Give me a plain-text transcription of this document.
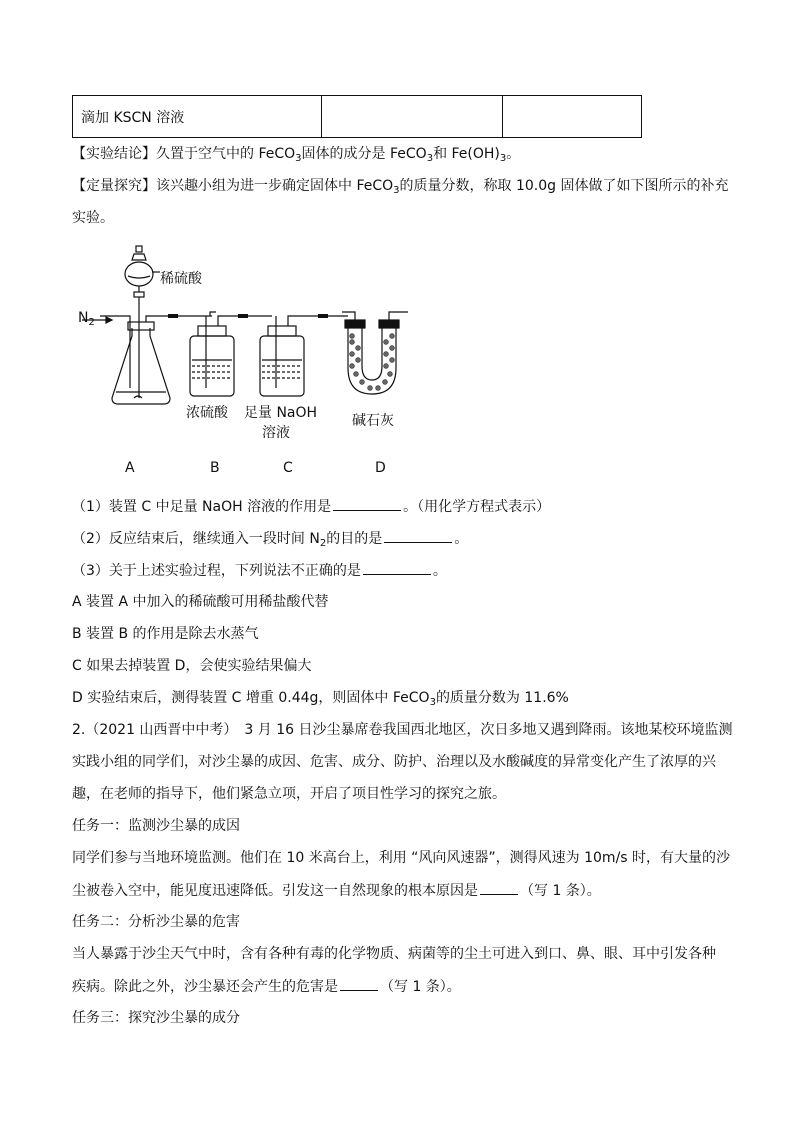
滴加 KSCN 溶液		
【实验结论】久置于空气中的 FeCO$_3$固体的成分是 FeCO$_3$和 $Fe(OH)_3$。
【定量探究】该兴趣小组为进一步确定固体中 FeCO$_3$的质量分数，称取 10.0g 固体做了如下图所示的补充
实验。
稀硫酸
$N_2$
浓硫酸 足量 NaOH
溶液
碱石灰
A	B	C	D
（1）装置 C 中足量 NaOH 溶液的作用是	。（用化学方程式表示）
（2）反应结束后，继续通入一段时间 $N_2$的目的是	。
（3）关于上述实验过程，下列说法不正确的是	。
A 装置 A 中加入的稀硫酸可用稀盐酸代替
B 装置 B 的作用是除去水蒸气
C 如果去掉装置 D，会使实验结果偏大
D 实验结束后，测得装置 C 增重 0.44g，则固体中 FeCO$_3$的质量分数为 11.6%
2.（2021 山西晋中中考）　3 月 16 日沙尘暴席卷我国西北地区，次日多地又遇到降雨。该地某校环境监测
实践小组的同学们，对沙尘暴的成因、危害、成分、防护、治理以及水酸碱度的异常变化产生了浓厚的兴
趣，在老师的指导下，他们紧急立项，开启了项目性学习的探究之旅。
任务一：监测沙尘暴的成因
同学们参与当地环境监测。他们在 10 米高台上，利用 “风向风速器”，测得风速为 10m/s 时，有大量的沙
尘被卷入空中，能见度迅速降低。引发这一自然现象的根本原因是	（写 1 条）。
任务二：分析沙尘暴的危害
当人暴露于沙尘天气中时，含有各种有毒的化学物质、病菌等的尘土可进入到口、鼻、眼、耳中引发各种
疾病。除此之外，沙尘暴还会产生的危害是	（写 1 条）。
任务三：探究沙尘暴的成分
